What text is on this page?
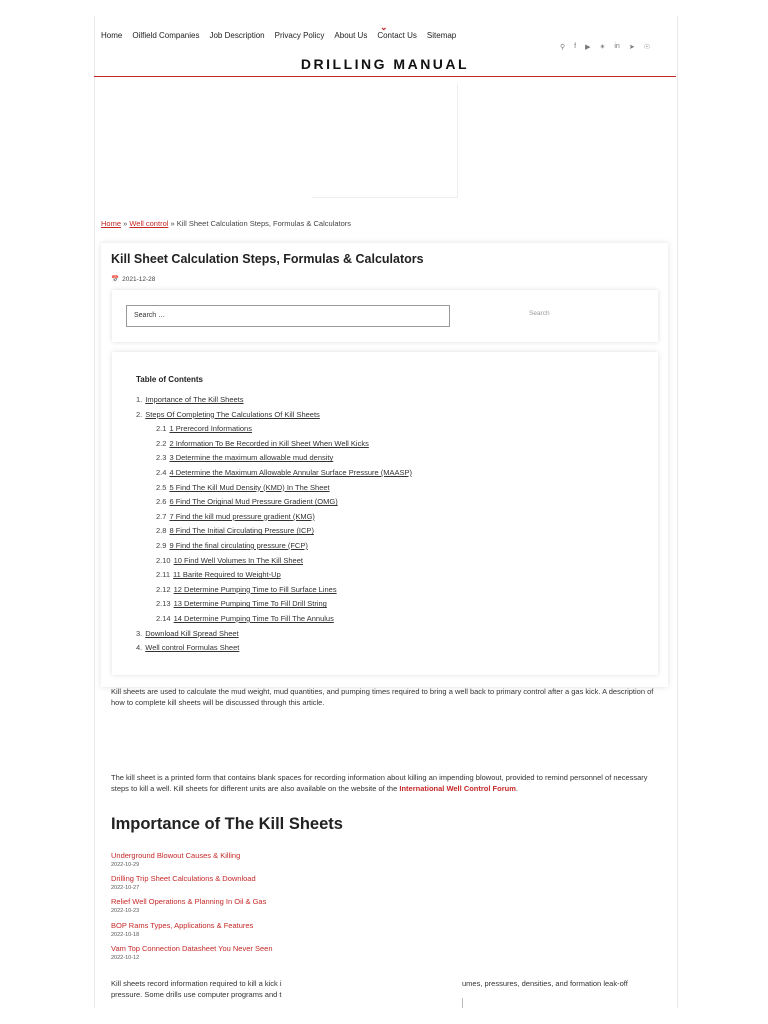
⌄
Home Oilfield Companies Job Description Privacy Policy About Us Contact Us Sitemap
⚲ f ▶ ✶ in ➤ ☉
DRILLING MANUAL
Home » Well control » Kill Sheet Calculation Steps, Formulas & Calculators
Kill Sheet Calculation Steps, Formulas & Calculators
📅 2021-12-28
Search …	Search
Table of Contents
1. Importance of The Kill Sheets
2. Steps Of Completing The Calculations Of Kill Sheets
2.1 1 Prerecord Informations
2.2 2 Information To Be Recorded in Kill Sheet When Well Kicks
2.3 3 Determine the maximum allowable mud density
2.4 4 Determine the Maximum Allowable Annular Surface Pressure (MAASP)
2.5 5 Find The Kill Mud Density (KMD) In The Sheet
2.6 6 Find The Original Mud Pressure Gradient (OMG)
2.7 7 Find the kill mud pressure gradient (KMG)
2.8 8 Find The Initial Circulating Pressure (ICP)
2.9 9 Find the final circulating pressure (FCP)
2.10 10 Find Well Volumes In The Kill Sheet
2.11 11 Barite Required to Weight-Up
2.12 12 Determine Pumping Time to Fill Surface Lines
2.13 13 Determine Pumping Time To Fill Drill String
2.14 14 Determine Pumping Time To Fill The Annulus
3. Download Kill Spread Sheet
4. Well control Formulas Sheet
Kill sheets are used to calculate the mud weight, mud quantities, and pumping times required to bring a well back to primary control after a gas kick. A description of how to complete kill sheets will be discussed through this article.
The kill sheet is a printed form that contains blank spaces for recording information about killing an impending blowout, provided to remind personnel of necessary steps to kill a well. Kill sheets for different units are also available on the website of the International Well Control Forum.
Importance of The Kill Sheets
Underground Blowout Causes & Killing
2022-10-29
Drilling Trip Sheet Calculations & Download
2022-10-27
Relief Well Operations & Planning In Oil & Gas
2022-10-23
BOP Rams Types, Applications & Features
2022-10-18
Vam Top Connection Datasheet You Never Seen
2022-10-12
Kill sheets record information required to kill a kick i pressure. Some drills use computer programs and t
umes, pressures, densities, and formation leak-off
